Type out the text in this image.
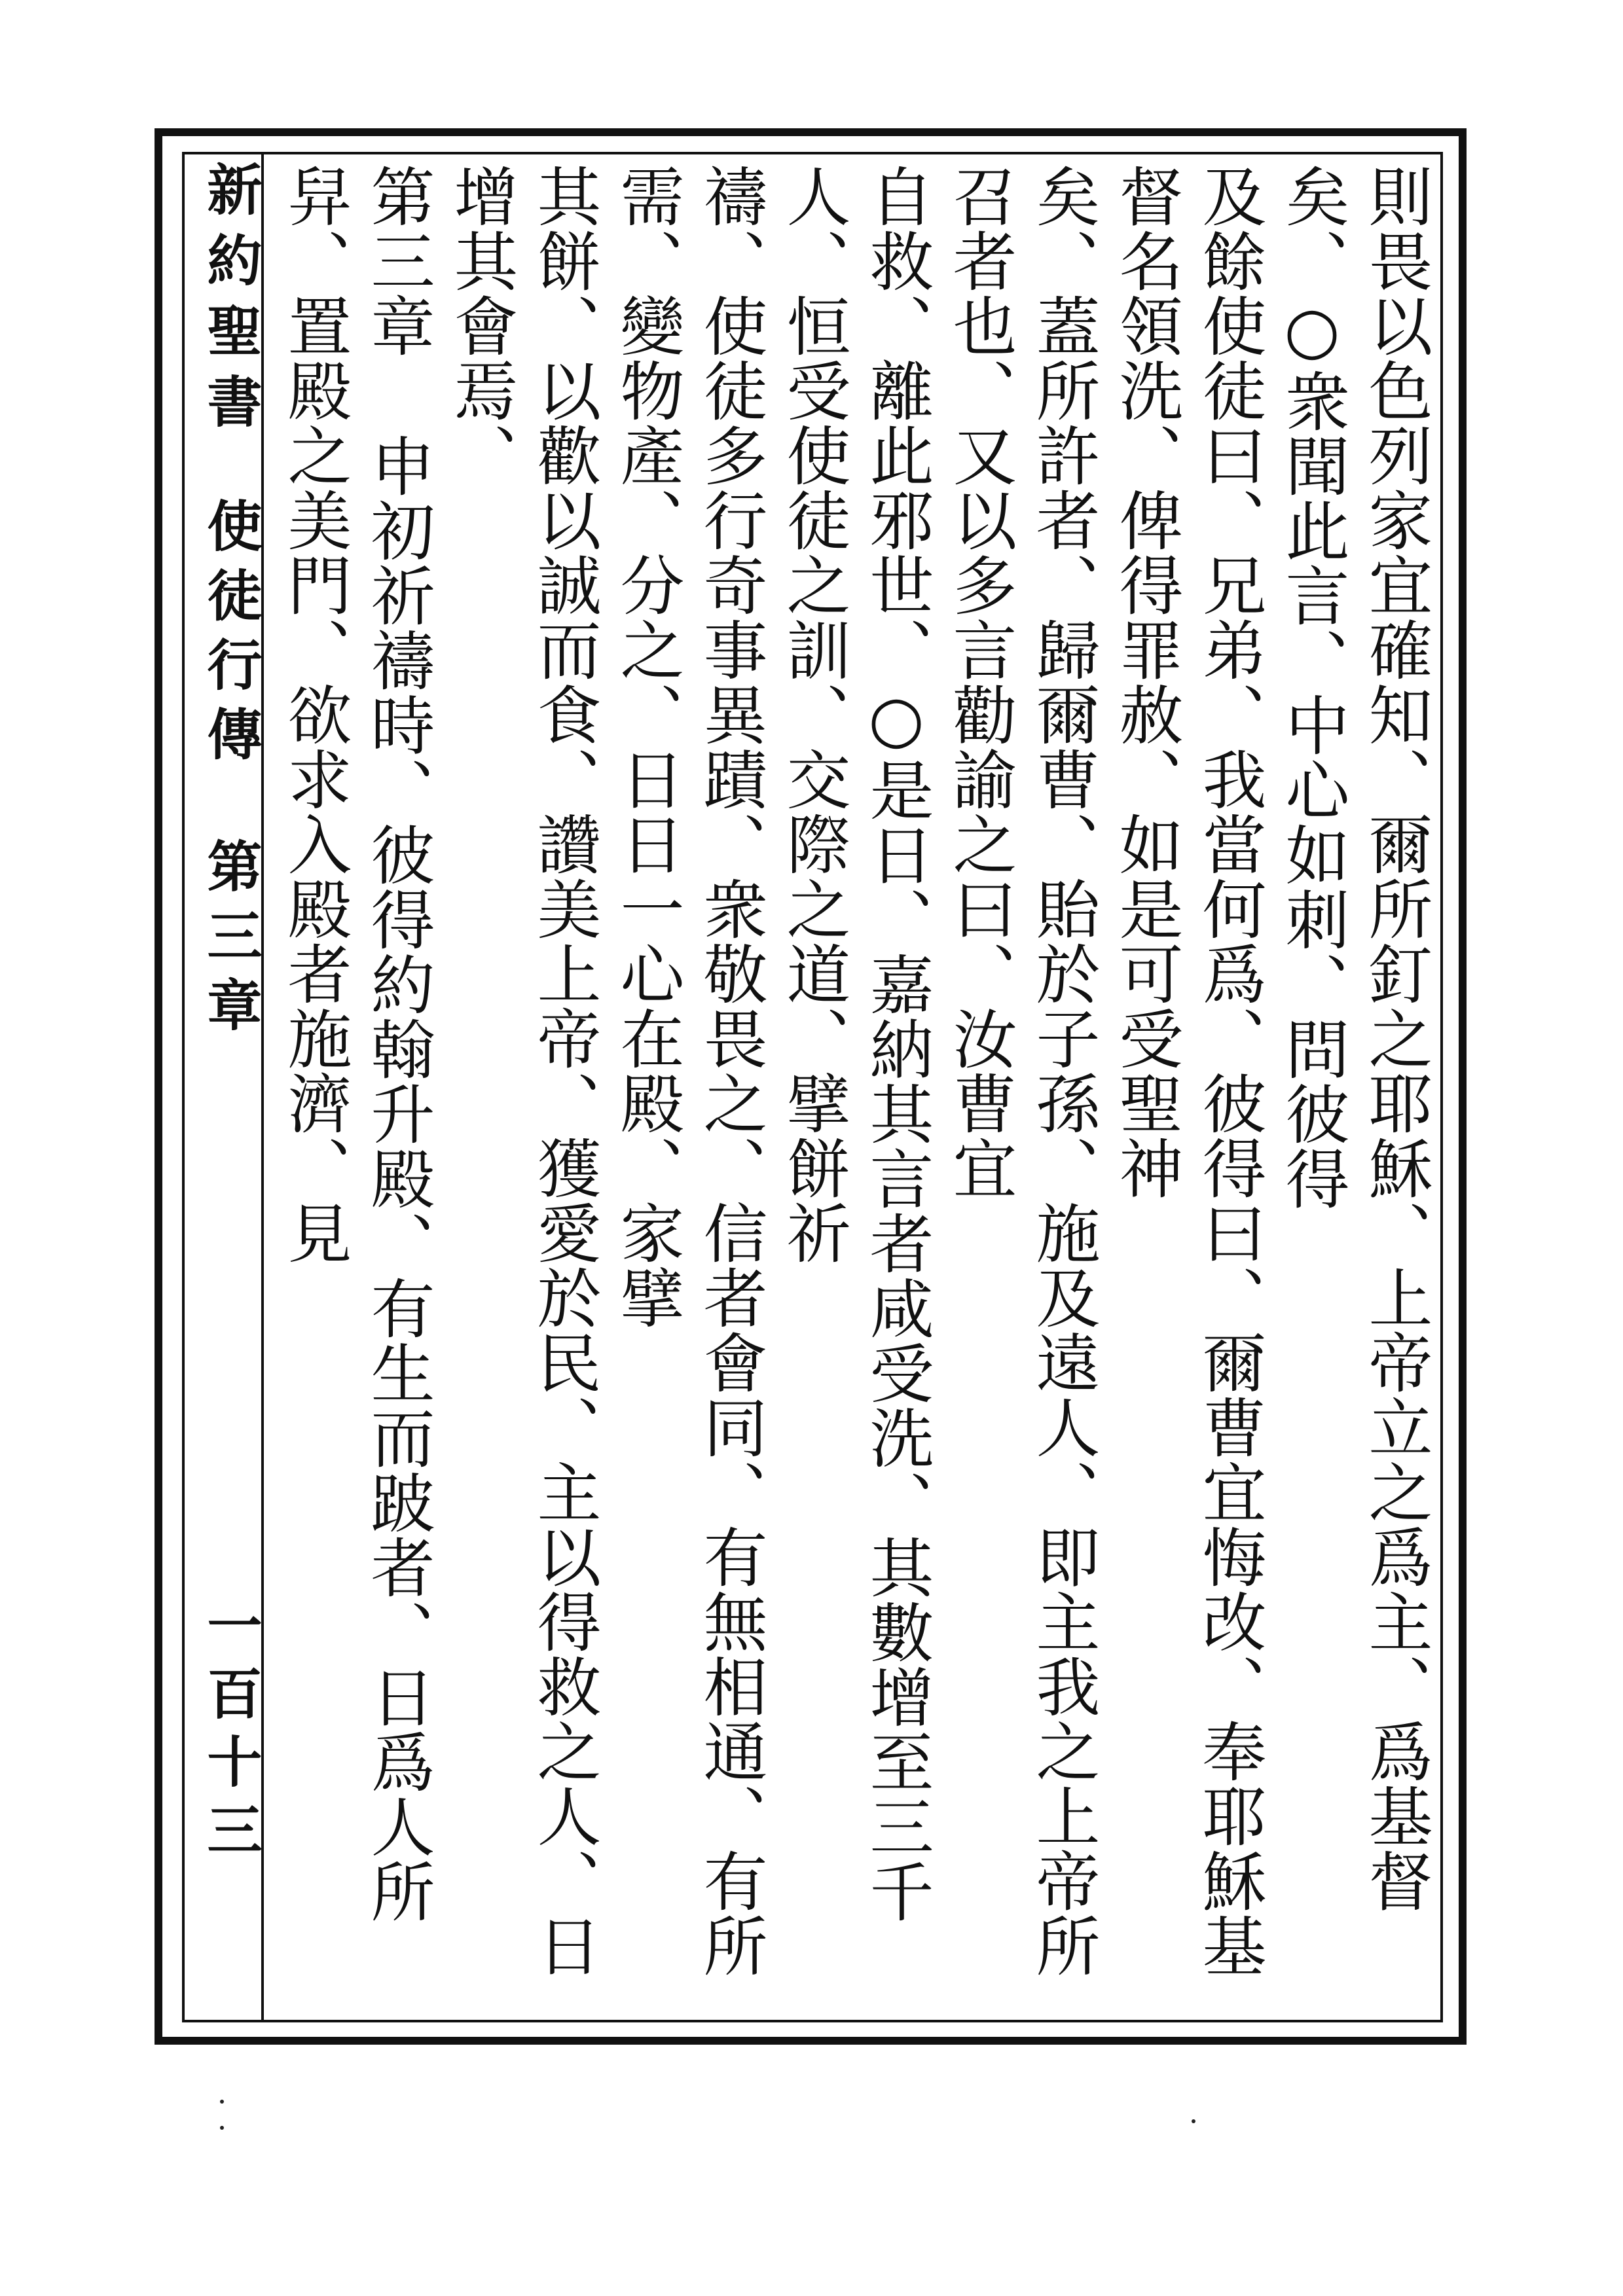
新約聖書
使徒行傳
第三章
一百十三	則畏以色列家宜確知、爾所釘之耶穌、上帝立之爲主、爲基督矣、○衆聞此言、中心如刺、問彼得
及餘使徒曰、兄弟、我當何爲、彼得曰、爾曹宜悔改、奉耶穌基督名領洗、俾得罪赦、如是可受聖神
矣、蓋所許者、歸爾曹、貽於子孫、施及遠人、即主我之上帝所召者也、又以多言勸諭之曰、汝曹宜
自救、離此邪世、○是日、嘉納其言者咸受洗、其數增至三千人、恒受使徒之訓、交際之道、擘餅祈
禱、使徒多行奇事異蹟、衆敬畏之、信者會同、有無相通、有所需、變物產、分之、日日一心在殿、家擘
其餅、以歡以誠而食、讚美上帝、獲愛於民、主以得救之人、日增其會焉、
第三章 申初祈禱時、彼得約翰升殿、有生而跛者、日爲人所舁、置殿之美門、欲求入殿者施濟、見
